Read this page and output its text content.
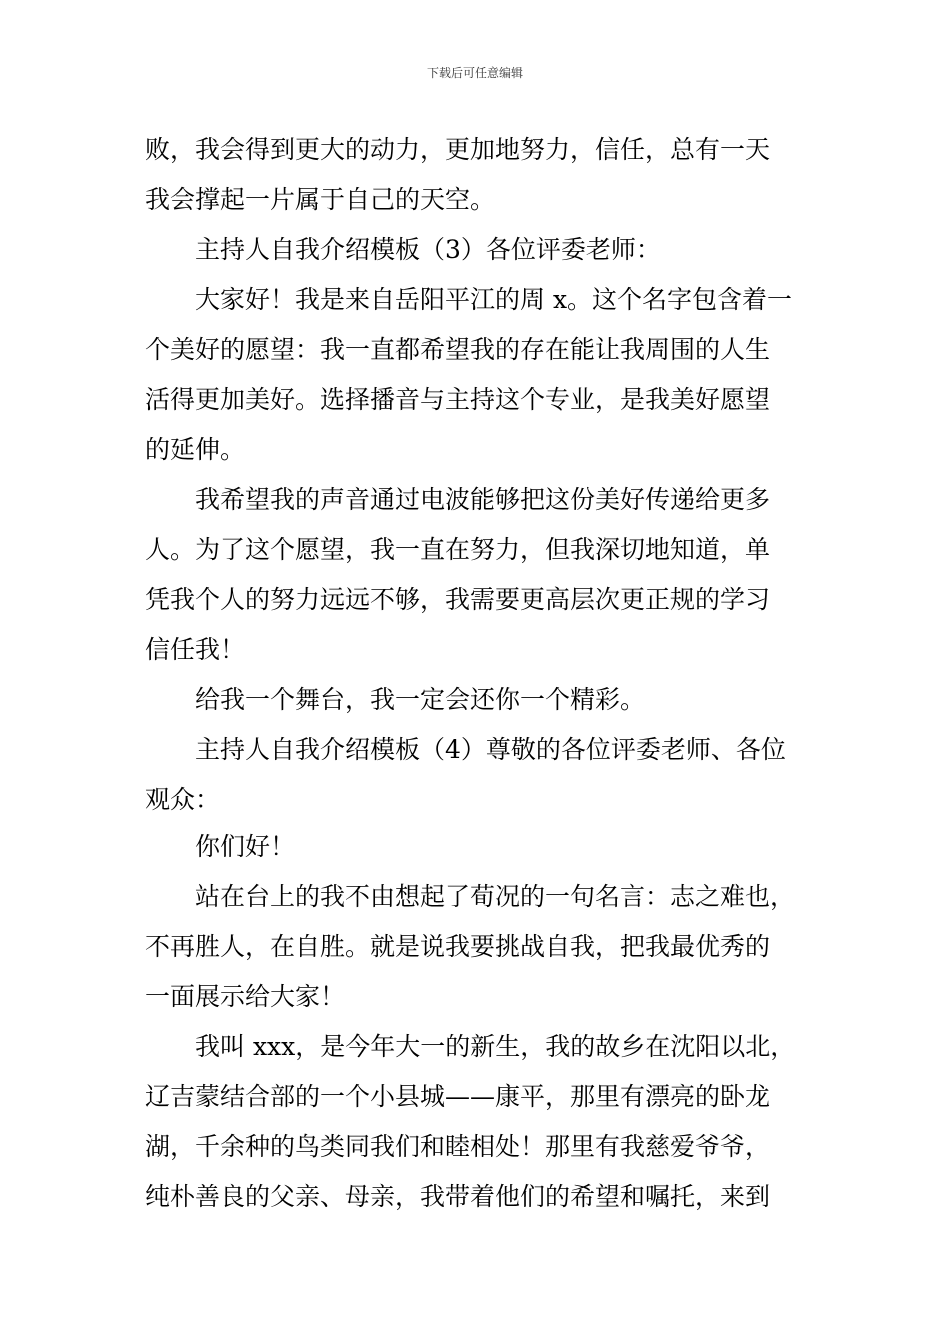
下载后可任意编辑
败，我会得到更大的动力，更加地努力，信任，总有一天
我会撑起一片属于自己的天空。
　　主持人自我介绍模板（3）各位评委老师：
　　大家好！我是来自岳阳平江的周 x。这个名字包含着一
个美好的愿望：我一直都希望我的存在能让我周围的人生
活得更加美好。选择播音与主持这个专业，是我美好愿望
的延伸。
　　我希望我的声音通过电波能够把这份美好传递给更多
人。为了这个愿望，我一直在努力，但我深切地知道，单
凭我个人的努力远远不够，我需要更高层次更正规的学习
信任我！
　　给我一个舞台，我一定会还你一个精彩。
　　主持人自我介绍模板（4）尊敬的各位评委老师、各位
观众：
　　你们好！
　　站在台上的我不由想起了荀况的一句名言：志之难也，
不再胜人，在自胜。就是说我要挑战自我，把我最优秀的
一面展示给大家！
　　我叫 xxx，是今年大一的新生，我的故乡在沈阳以北，
辽吉蒙结合部的一个小县城——康平，那里有漂亮的卧龙
湖，千余种的鸟类同我们和睦相处！那里有我慈爱爷爷，
纯朴善良的父亲、母亲，我带着他们的希望和嘱托，来到
